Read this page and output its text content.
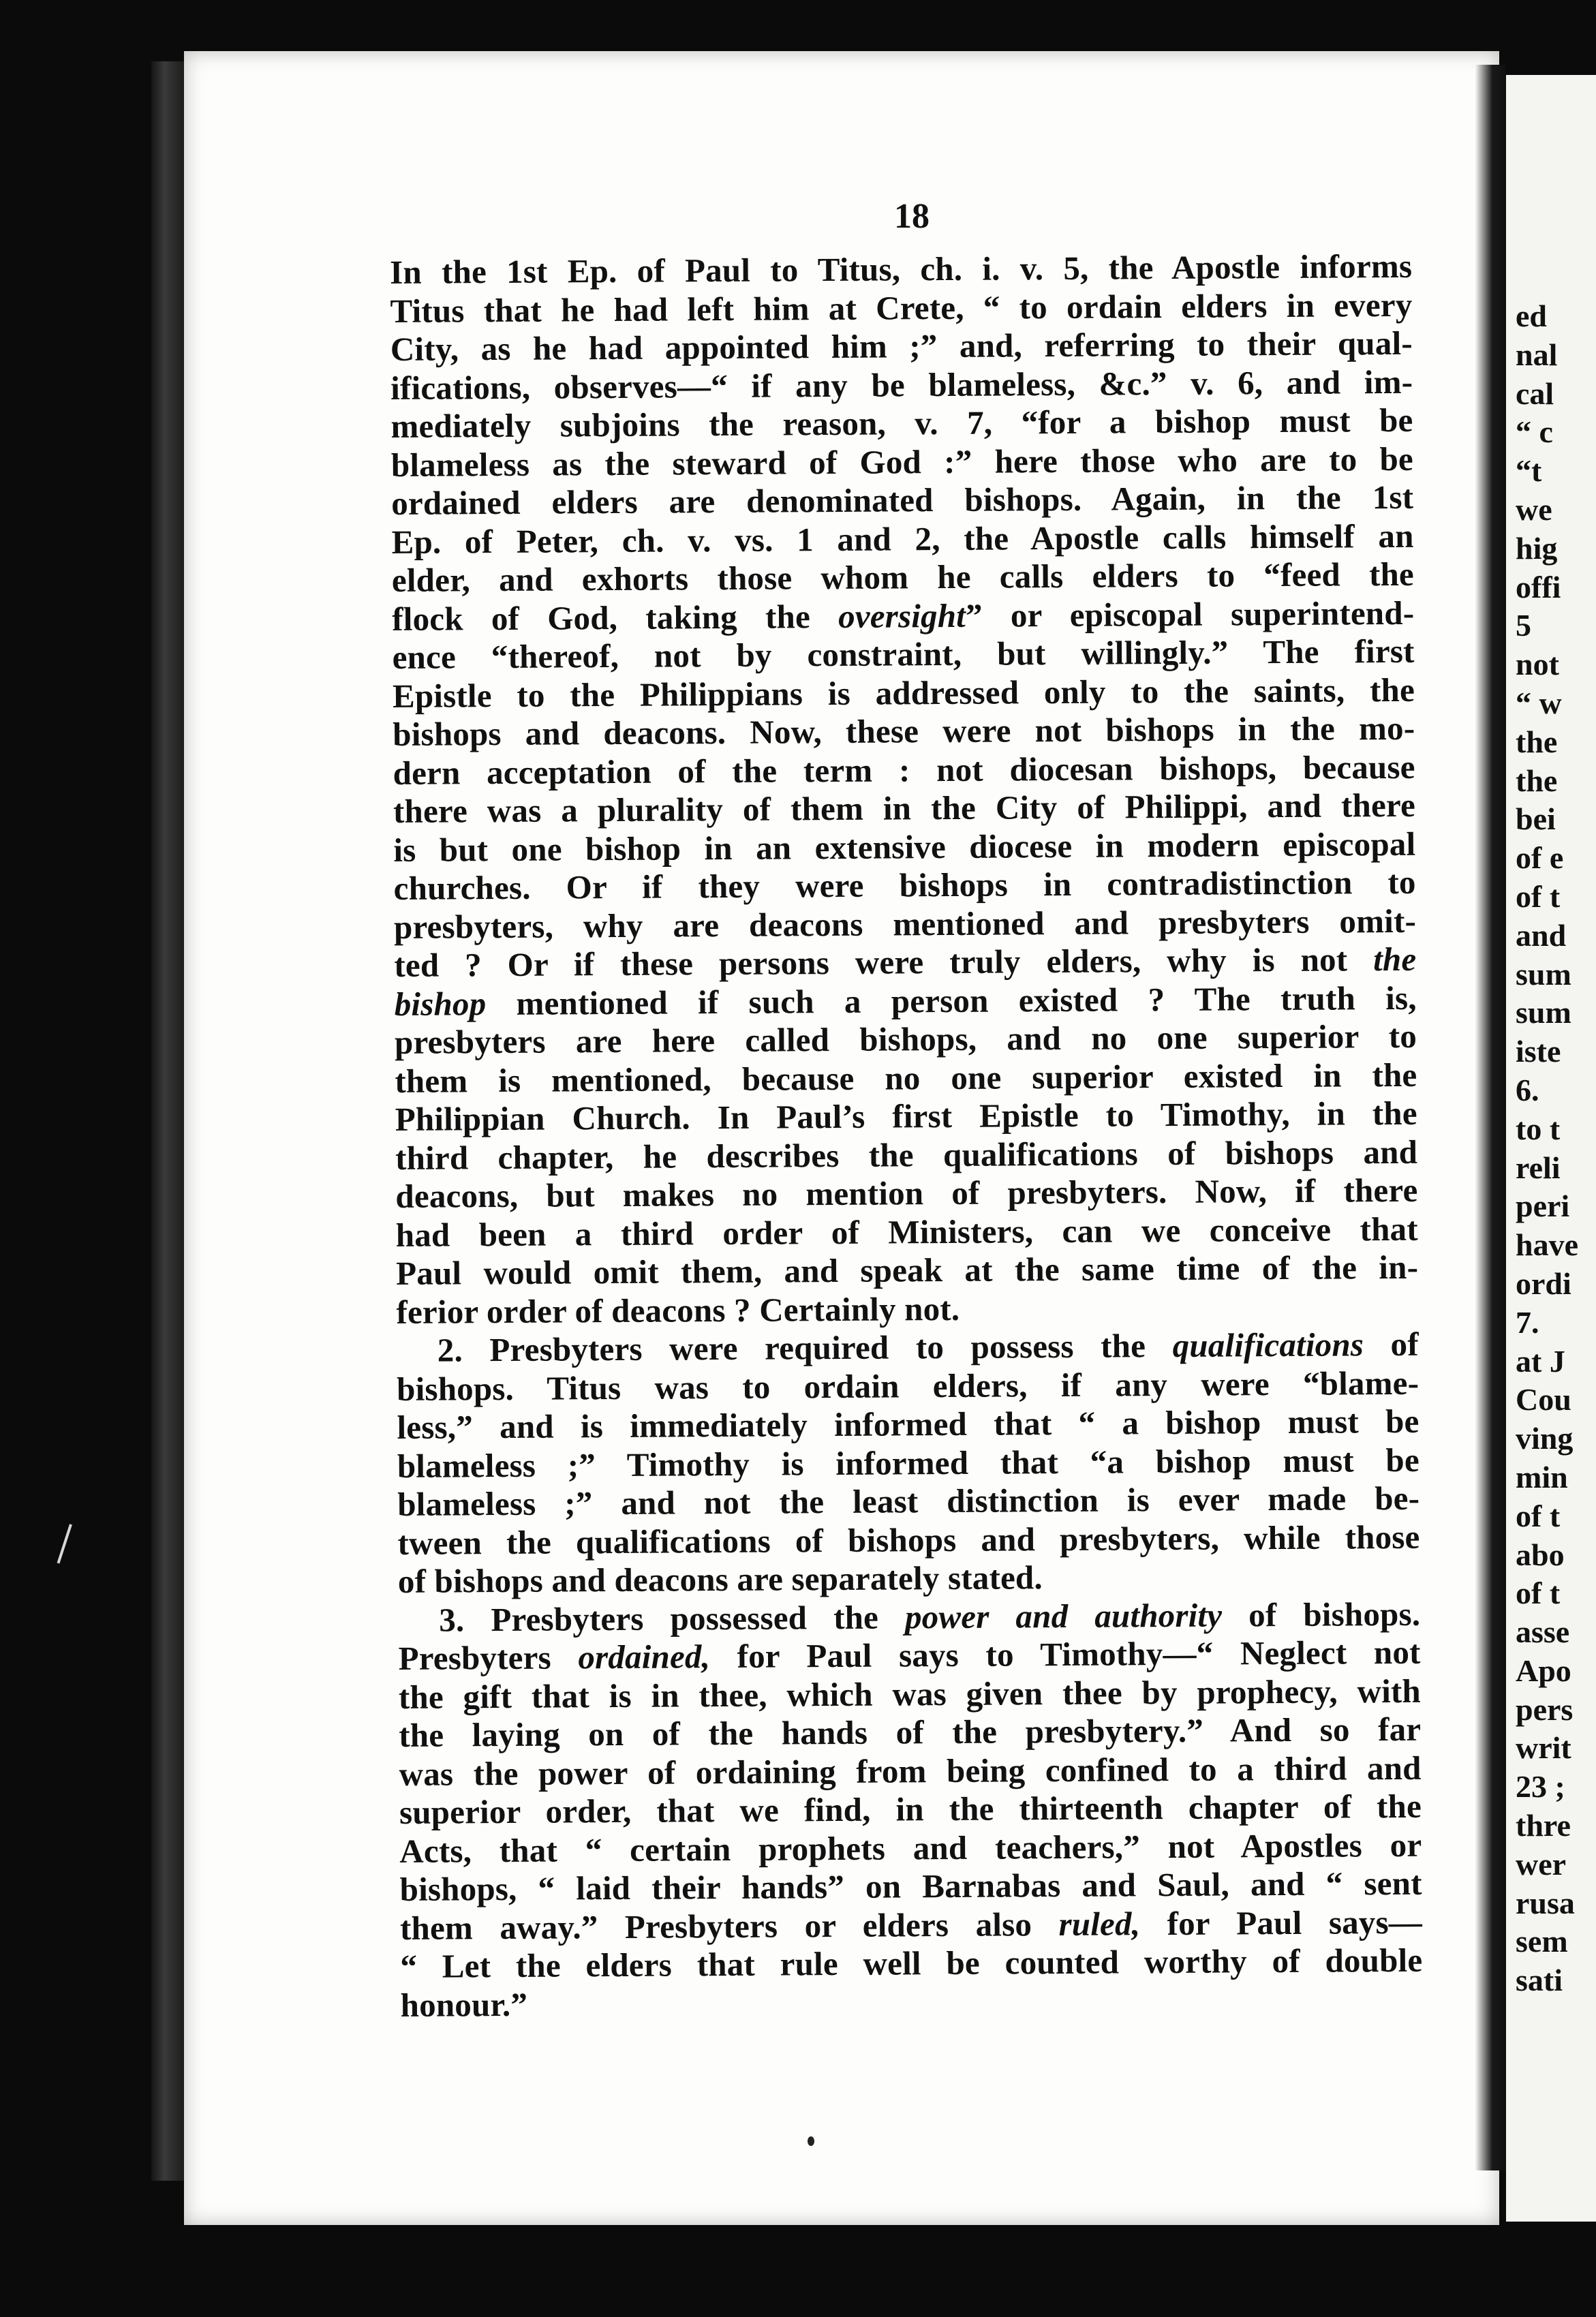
ed
nal
cal
“ c
“t
we
hig
offi
5
not
“ w
the
the
bei
of e
of t
and
sum
sum
iste
6.
to t
reli
peri
have
ordi
7.
at J
Cou
ving
min
of t
abo
of t
asse
Apo
pers
writ
23 ;
thre
wer
rusa
sem
sati
18
In the 1st Ep. of Paul to Titus, ch. i. v. 5, the Apostle informs
Titus that he had left him at Crete, “ to ordain elders in every
City, as he had appointed him ;” and, referring to their qual-
ifications, observes—“ if any be blameless, &c.” v. 6, and im-
mediately subjoins the reason, v. 7, “for a bishop must be
blameless as the steward of God :” here those who are to be
ordained elders are denominated bishops. Again, in the 1st
Ep. of Peter, ch. v. vs. 1 and 2, the Apostle calls himself an
elder, and exhorts those whom he calls elders to “feed the
flock of God, taking the oversight” or episcopal superintend-
ence “thereof, not by constraint, but willingly.” The first
Epistle to the Philippians is addressed only to the saints, the
bishops and deacons. Now, these were not bishops in the mo-
dern acceptation of the term : not diocesan bishops, because
there was a plurality of them in the City of Philippi, and there
is but one bishop in an extensive diocese in modern episcopal
churches. Or if they were bishops in contradistinction to
presbyters, why are deacons mentioned and presbyters omit-
ted ? Or if these persons were truly elders, why is not the
bishop mentioned if such a person existed ? The truth is,
presbyters are here called bishops, and no one superior to
them is mentioned, because no one superior existed in the
Philippian Church. In Paul’s first Epistle to Timothy, in the
third chapter, he describes the qualifications of bishops and
deacons, but makes no mention of presbyters. Now, if there
had been a third order of Ministers, can we conceive that
Paul would omit them, and speak at the same time of the in-
ferior order of deacons ? Certainly not.
2. Presbyters were required to possess the qualifications of
bishops. Titus was to ordain elders, if any were “blame-
less,” and is immediately informed that “ a bishop must be
blameless ;” Timothy is informed that “a bishop must be
blameless ;” and not the least distinction is ever made be-
tween the qualifications of bishops and presbyters, while those
of bishops and deacons are separately stated.
3. Presbyters possessed the power and authority of bishops.
Presbyters ordained, for Paul says to Timothy—“ Neglect not
the gift that is in thee, which was given thee by prophecy, with
the laying on of the hands of the presbytery.” And so far
was the power of ordaining from being confined to a third and
superior order, that we find, in the thirteenth chapter of the
Acts, that “ certain prophets and teachers,” not Apostles or
bishops, “ laid their hands” on Barnabas and Saul, and “ sent
them away.” Presbyters or elders also ruled, for Paul says—
“ Let the elders that rule well be counted worthy of double
honour.”
